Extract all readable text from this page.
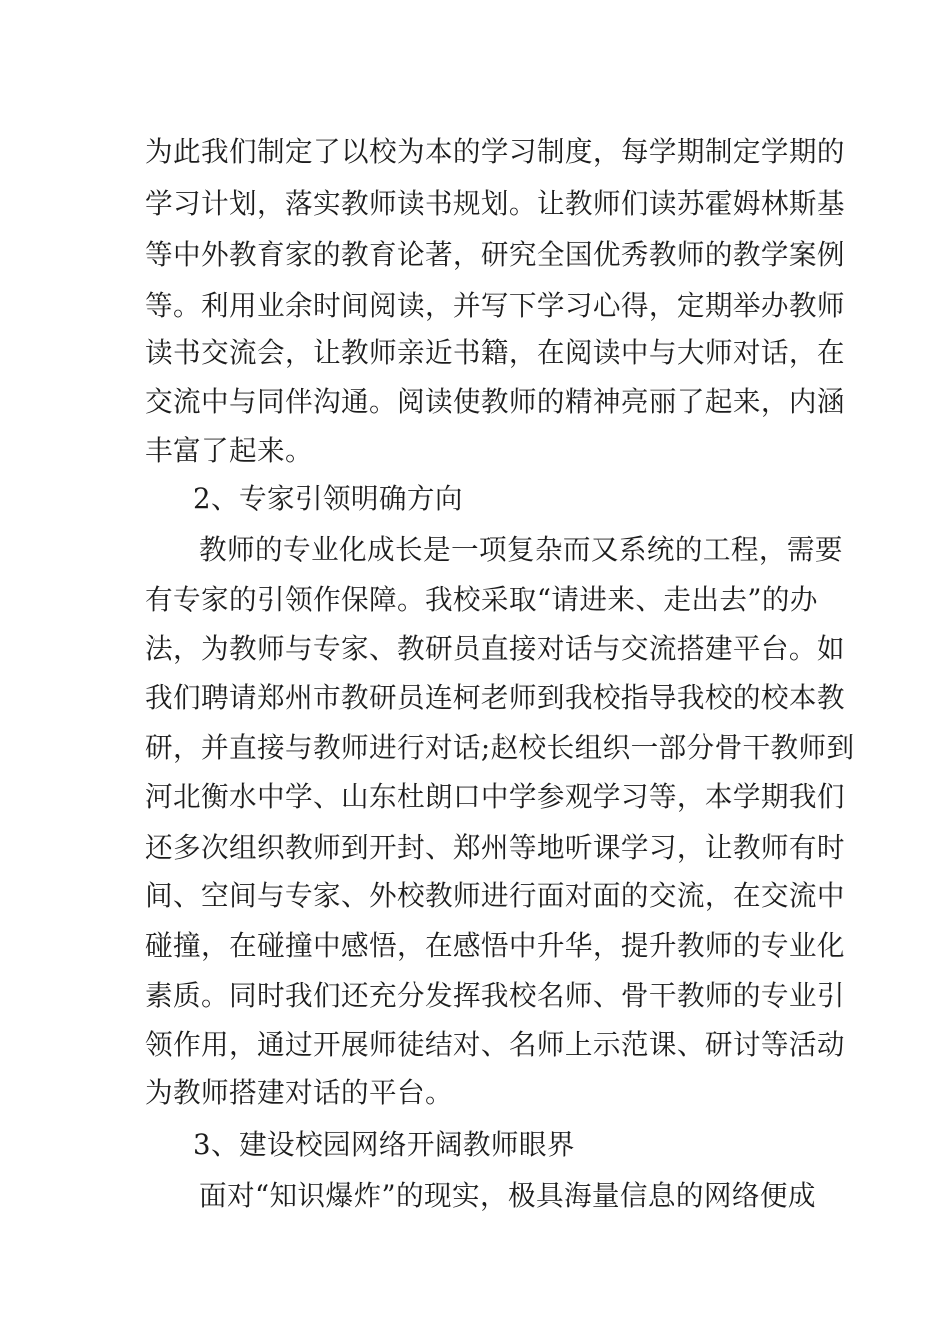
为此我们制定了以校为本的学习制度，每学期制定学期的
学习计划，落实教师读书规划。让教师们读苏霍姆林斯基
等中外教育家的教育论著，研究全国优秀教师的教学案例
等。利用业余时间阅读，并写下学习心得，定期举办教师
读书交流会，让教师亲近书籍，在阅读中与大师对话，在
交流中与同伴沟通。阅读使教师的精神亮丽了起来，内涵
丰富了起来。
2、专家引领明确方向
教师的专业化成长是一项复杂而又系统的工程，需要
有专家的引领作保障。我校采取“请进来、走出去”的办
法，为教师与专家、教研员直接对话与交流搭建平台。如
我们聘请郑州市教研员连柯老师到我校指导我校的校本教
研，并直接与教师进行对话;赵校长组织一部分骨干教师到
河北衡水中学、山东杜朗口中学参观学习等，本学期我们
还多次组织教师到开封、郑州等地听课学习，让教师有时
间、空间与专家、外校教师进行面对面的交流，在交流中
碰撞，在碰撞中感悟，在感悟中升华，提升教师的专业化
素质。同时我们还充分发挥我校名师、骨干教师的专业引
领作用，通过开展师徒结对、名师上示范课、研讨等活动
为教师搭建对话的平台。
3、建设校园网络开阔教师眼界
面对“知识爆炸”的现实，极具海量信息的网络便成
